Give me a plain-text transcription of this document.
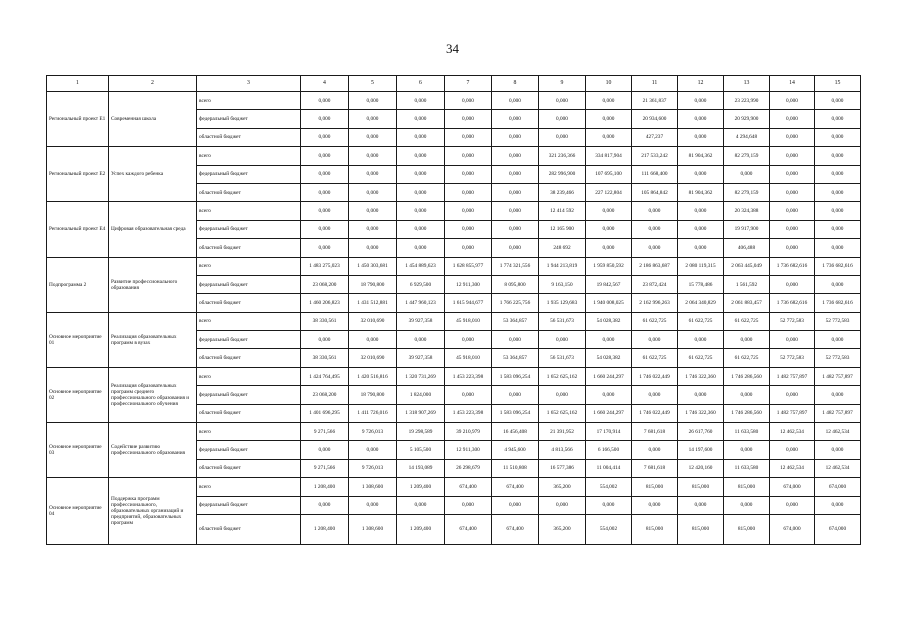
34
1	2	3	4	5	6	7	8	9	10	11	12	13	14	15
Региональный проект Е1	Современная школа	всего	0,000	0,000	0,000	0,000	0,000	0,000	0,000	21 361,837	0,000	23 223,990	0,000	0,000
		федеральный бюджет	0,000	0,000	0,000	0,000	0,000	0,000	0,000	20 934,600	0,000	20 929,900	0,000	0,000
		областной бюджет	0,000	0,000	0,000	0,000	0,000	0,000	0,000	427,237	0,000	4 294,648	0,000	0,000
Региональный проект Е2	Успех каждого ребенка	всего	0,000	0,000	0,000	0,000	0,000	321 236,366	334 817,904	217 533,242	81 904,362	82 279,159	0,000	0,000
		федеральный бюджет	0,000	0,000	0,000	0,000	0,000	282 996,900	107 695,100	111 668,400	0,000	0,000	0,000	0,000
		областной бюджет	0,000	0,000	0,000	0,000	0,000	38 239,466	227 122,804	105 864,842	81 904,362	82 279,159	0,000	0,000
Региональный проект Е4	Цифровая образовательная среда	всего	0,000	0,000	0,000	0,000	0,000	12 414 592	0,000	0,000	0,000	20 324,388	0,000	0,000
		федеральный бюджет	0,000	0,000	0,000	0,000	0,000	12 165 900	0,000	0,000	0,000	19 917,900	0,000	0,000
		областной бюджет	0,000	0,000	0,000	0,000	0,000	248 692	0,000	0,000	0,000	406,488	0,000	0,000
Подпрограмма 2	Развитие профессионального образования	всего	1 483 275,023	1 450 303,681	1 454 889,623	1 628 855,977	1 774 321,556	1 944 213,819	1 959 850,592	2 186 863,687	2 080 119,315	2 063 445,049	1 736 682,616	1 736 682,616
		федеральный бюджет	23 068,200	18 790,800	6 929,500	12 911,300	8 095,800	9 163,150	19 842,567	23 872,424	15 778,486	1 561,592	0,000	0,000
		областной бюджет	1 460 206,823	1 431 512,881	1 447 960,123	1 615 944,677	1 766 225,756	1 935 129,683	1 940 008,025	2 162 996,263	2 064 340,829	2 061 883,457	1 736 682,616	1 736 682,616
Основное мероприятие 01	Реализация образовательных программ в вузах	всего	38 330,561	32 010,690	39 927,358	45 918,010	53 364,857	56 531,673	54 028,382	61 622,725	61 622,725	61 622,725	52 772,583	52 772,583
		федеральный бюджет	0,000	0,000	0,000	0,000	0,000	0,000	0,000	0,000	0,000	0,000	0,000	0,000
		областной бюджет	38 330,561	32 010,690	39 927,358	45 918,010	53 364,857	56 531,673	54 028,382	61 622,725	61 622,725	61 622,725	52 772,583	52 772,583
Основное мероприятие 02	Реализация образовательных программ среднего профессионального образования и профессионального обучения	всего	1 424 764,495	1 420 516,816	1 320 731,269	1 453 223,398	1 583 096,254	1 652 625,162	1 660 244,297	1 746 022,449	1 746 322,360	1 746 286,560	1 482 757,897	1 482 757,897
		федеральный бюджет	23 068,200	18 790,800	1 824,000	0,000	0,000	0,000	0,000	0,000	0,000	0,000	0,000	0,000
		областной бюджет	1 401 696,295	1 411 726,016	1 318 907,269	1 453 223,398	1 583 096,254	1 652 625,162	1 660 244,297	1 746 022,449	1 746 322,360	1 746 286,560	1 482 757,897	1 482 757,897
Основное мероприятие 03	Содействие развитию профессионального образования	всего	9 271,566	9 726,013	19 298,589	39 210,979	16 456,408	21 391,952	17 170,914	7 681,618	26 617,760	11 633,580	12 462,534	12 462,534
		федеральный бюджет	0,000	0,000	5 105,500	12 911,300	4 945,600	4 813,566	6 166,500	0,000	14 197,600	0,000	0,000	0,000
		областной бюджет	9 271,566	9 726,013	14 193,089	26 298,679	11 510,808	16 577,386	11 004,414	7 681,618	12 420,160	11 633,580	12 462,534	12 462,534
Основное мероприятие 04	Поддержка программ профессионального, образовательных организаций и предприятий, образовательных программ	всего	1 208,400	1 308,600	1 209,400	674,400	674,400	365,200	554,002	815,000	815,000	815,000	674,000	674,000
		федеральный бюджет	0,000	0,000	0,000	0,000	0,000	0,000	0,000	0,000	0,000	0,000	0,000	0,000
		областной бюджет	1 208,400	1 308,600	1 209,400	674,400	674,400	365,200	554,002	815,000	815,000	815,000	674,000	674,000
